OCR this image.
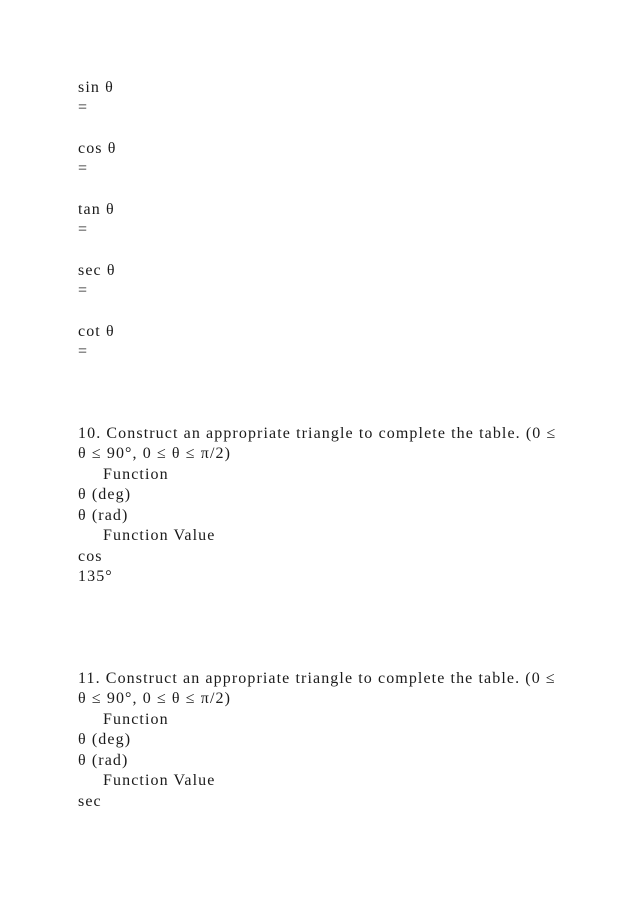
sin θ
=
cos θ
=
tan θ
=
sec θ
=
cot θ
=
10. Construct an appropriate triangle to complete the table. (0 ≤
θ ≤ 90°, 0 ≤ θ ≤ π/2)
Function
θ (deg)
θ (rad)
Function Value
cos
135°
11. Construct an appropriate triangle to complete the table. (0 ≤
θ ≤ 90°, 0 ≤ θ ≤ π/2)
Function
θ (deg)
θ (rad)
Function Value
sec
